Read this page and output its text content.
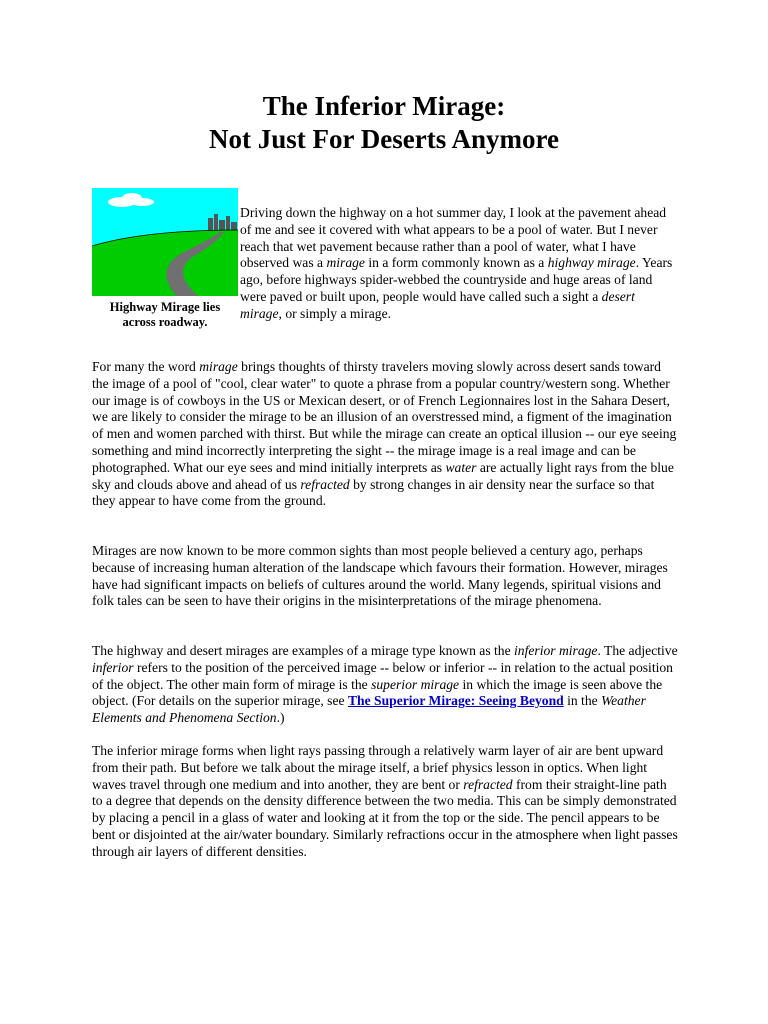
The Inferior Mirage:
Not Just For Deserts Anymore
Highway Mirage lies across roadway.

Driving down the highway on a hot summer day, I look at the pavement ahead of me and see it covered with what appears to be a pool of water. But I never reach that wet pavement because rather than a pool of water, what I have observed was a mirage in a form commonly known as a highway mirage. Years ago, before highways spider-webbed the countryside and huge areas of land were paved or built upon, people would have called such a sight a desert mirage, or simply a mirage.

For many the word mirage brings thoughts of thirsty travelers moving slowly across desert sands toward the image of a pool of "cool, clear water" to quote a phrase from a popular country/western song. Whether our image is of cowboys in the US or Mexican desert, or of French Legionnaires lost in the Sahara Desert, we are likely to consider the mirage to be an illusion of an overstressed mind, a figment of the imagination of men and women parched with thirst. But while the mirage can create an optical illusion -- our eye seeing something and mind incorrectly interpreting the sight -- the mirage image is a real image and can be photographed. What our eye sees and mind initially interprets as water are actually light rays from the blue sky and clouds above and ahead of us refracted by strong changes in air density near the surface so that they appear to have come from the ground.

Mirages are now known to be more common sights than most people believed a century ago, perhaps because of increasing human alteration of the landscape which favours their formation. However, mirages have had significant impacts on beliefs of cultures around the world. Many legends, spiritual visions and folk tales can be seen to have their origins in the misinterpretations of the mirage phenomena.

The highway and desert mirages are examples of a mirage type known as the inferior mirage. The adjective inferior refers to the position of the perceived image -- below or inferior -- in relation to the actual position of the object. The other main form of mirage is the superior mirage in which the image is seen above the object. (For details on the superior mirage, see The Superior Mirage: Seeing Beyond in the Weather Elements and Phenomena Section.)

The inferior mirage forms when light rays passing through a relatively warm layer of air are bent upward from their path. But before we talk about the mirage itself, a brief physics lesson in optics. When light waves travel through one medium and into another, they are bent or refracted from their straight-line path to a degree that depends on the density difference between the two media. This can be simply demonstrated by placing a pencil in a glass of water and looking at it from the top or the side. The pencil appears to be bent or disjointed at the air/water boundary. Similarly refractions occur in the atmosphere when light passes through air layers of different densities.
